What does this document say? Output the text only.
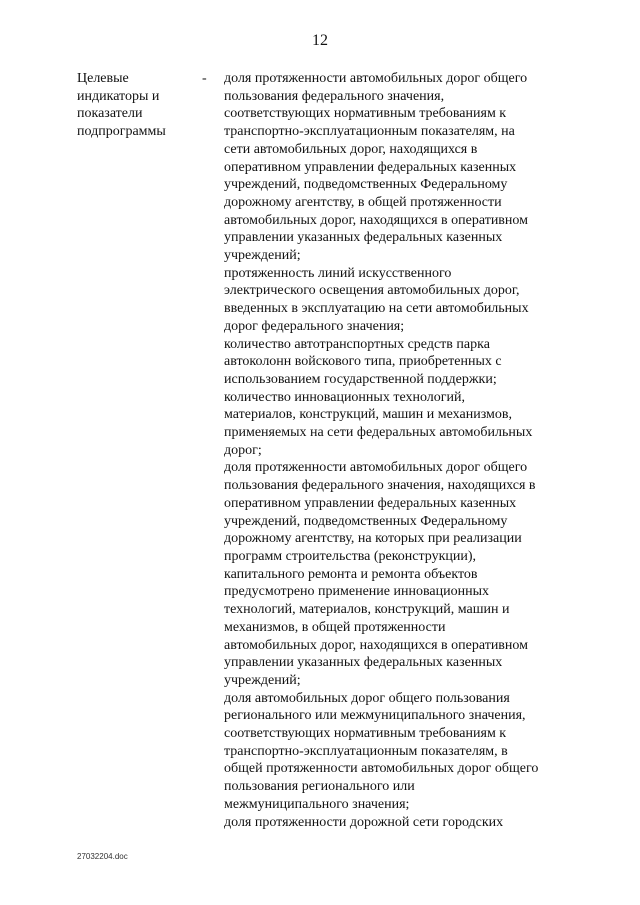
12
Целевые
индикаторы и
показатели
подпрограммы
- доля протяженности автомобильных дорог общего
пользования федерального значения,
соответствующих нормативным требованиям к
транспортно-эксплуатационным показателям, на
сети автомобильных дорог, находящихся в
оперативном управлении федеральных казенных
учреждений, подведомственных Федеральному
дорожному агентству, в общей протяженности
автомобильных дорог, находящихся в оперативном
управлении указанных федеральных казенных
учреждений;
протяженность линий искусственного
электрического освещения автомобильных дорог,
введенных в эксплуатацию на сети автомобильных
дорог федерального значения;
количество автотранспортных средств парка
автоколонн войскового типа, приобретенных с
использованием государственной поддержки;
количество инновационных технологий,
материалов, конструкций, машин и механизмов,
применяемых на сети федеральных автомобильных
дорог;
доля протяженности автомобильных дорог общего
пользования федерального значения, находящихся в
оперативном управлении федеральных казенных
учреждений, подведомственных Федеральному
дорожному агентству, на которых при реализации
программ строительства (реконструкции),
капитального ремонта и ремонта объектов
предусмотрено применение инновационных
технологий, материалов, конструкций, машин и
механизмов, в общей протяженности
автомобильных дорог, находящихся в оперативном
управлении указанных федеральных казенных
учреждений;
доля автомобильных дорог общего пользования
регионального или межмуниципального значения,
соответствующих нормативным требованиям к
транспортно-эксплуатационным показателям, в
общей протяженности автомобильных дорог общего
пользования регионального или
межмуниципального значения;
доля протяженности дорожной сети городских
27032204.doc
